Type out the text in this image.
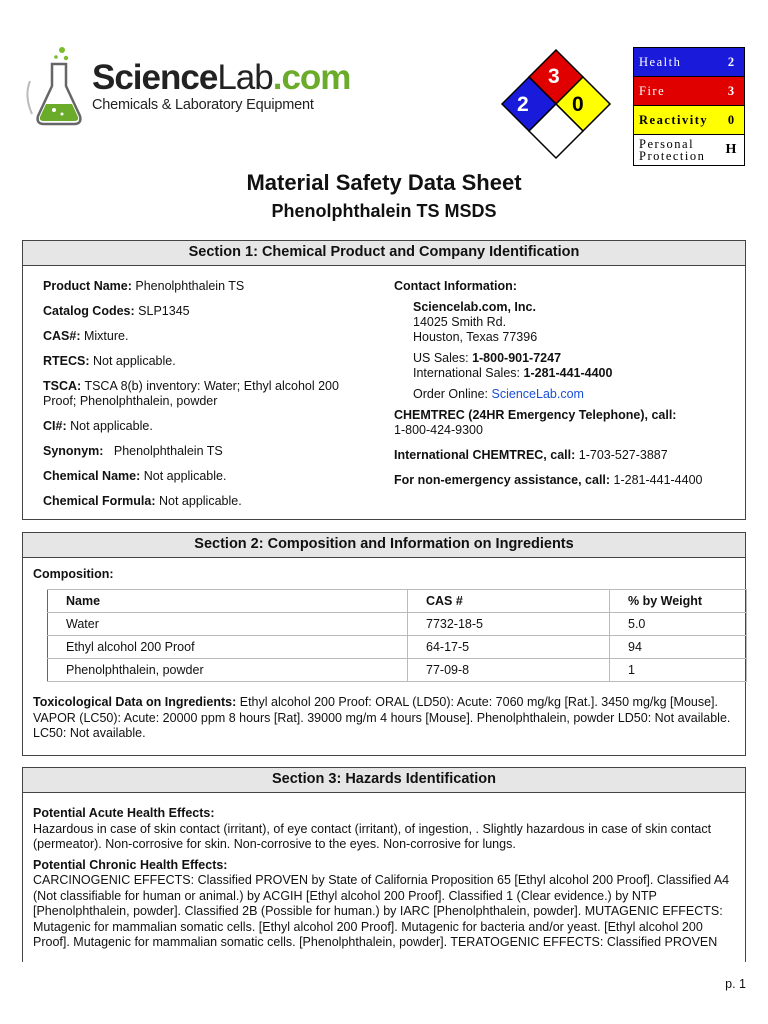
ScienceLab.com
Chemicals & Laboratory Equipment
3
2 0
Health	2
Fire	3
Reactivity	0
Personal
Protection	H
Material Safety Data Sheet
Phenolphthalein TS MSDS
Section 1: Chemical Product and Company Identification
Product Name: Phenolphthalein TS
Catalog Codes: SLP1345
CAS#: Mixture.
RTECS: Not applicable.
TSCA: TSCA 8(b) inventory: Water; Ethyl alcohol 200 Proof; Phenolphthalein, powder
CI#: Not applicable.
Synonym:   Phenolphthalein TS
Chemical Name: Not applicable.
Chemical Formula: Not applicable.
Contact Information:
Sciencelab.com, Inc.
14025 Smith Rd.
Houston, Texas 77396
US Sales: 1-800-901-7247
International Sales: 1-281-441-4400
Order Online: ScienceLab.com
CHEMTREC (24HR Emergency Telephone), call:
1-800-424-9300
International CHEMTREC, call: 1-703-527-3887
For non-emergency assistance, call: 1-281-441-4400
Section 2: Composition and Information on Ingredients
Composition:
Name	CAS #	% by Weight
Water	7732-18-5	5.0
Ethyl alcohol 200 Proof	64-17-5	94
Phenolphthalein, powder	77-09-8	1
Toxicological Data on Ingredients: Ethyl alcohol 200 Proof: ORAL (LD50): Acute: 7060 mg/kg [Rat.]. 3450 mg/kg [Mouse]. VAPOR (LC50): Acute: 20000 ppm 8 hours [Rat]. 39000 mg/m 4 hours [Mouse]. Phenolphthalein, powder LD50: Not available. LC50: Not available.
Section 3: Hazards Identification
Potential Acute Health Effects:

Hazardous in case of skin contact (irritant), of eye contact (irritant), of ingestion, . Slightly hazardous in case of skin contact (permeator). Non-corrosive for skin. Non-corrosive to the eyes. Non-corrosive for lungs.

Potential Chronic Health Effects:

CARCINOGENIC EFFECTS: Classified PROVEN by State of California Proposition 65 [Ethyl alcohol 200 Proof]. Classified A4 (Not classifiable for human or animal.) by ACGIH [Ethyl alcohol 200 Proof]. Classified 1 (Clear evidence.) by NTP [Phenolphthalein, powder]. Classified 2B (Possible for human.) by IARC [Phenolphthalein, powder]. MUTAGENIC EFFECTS: Mutagenic for mammalian somatic cells. [Ethyl alcohol 200 Proof]. Mutagenic for bacteria and/or yeast. [Ethyl alcohol 200 Proof]. Mutagenic for mammalian somatic cells. [Phenolphthalein, powder]. TERATOGENIC EFFECTS: Classified PROVEN

p. 1
